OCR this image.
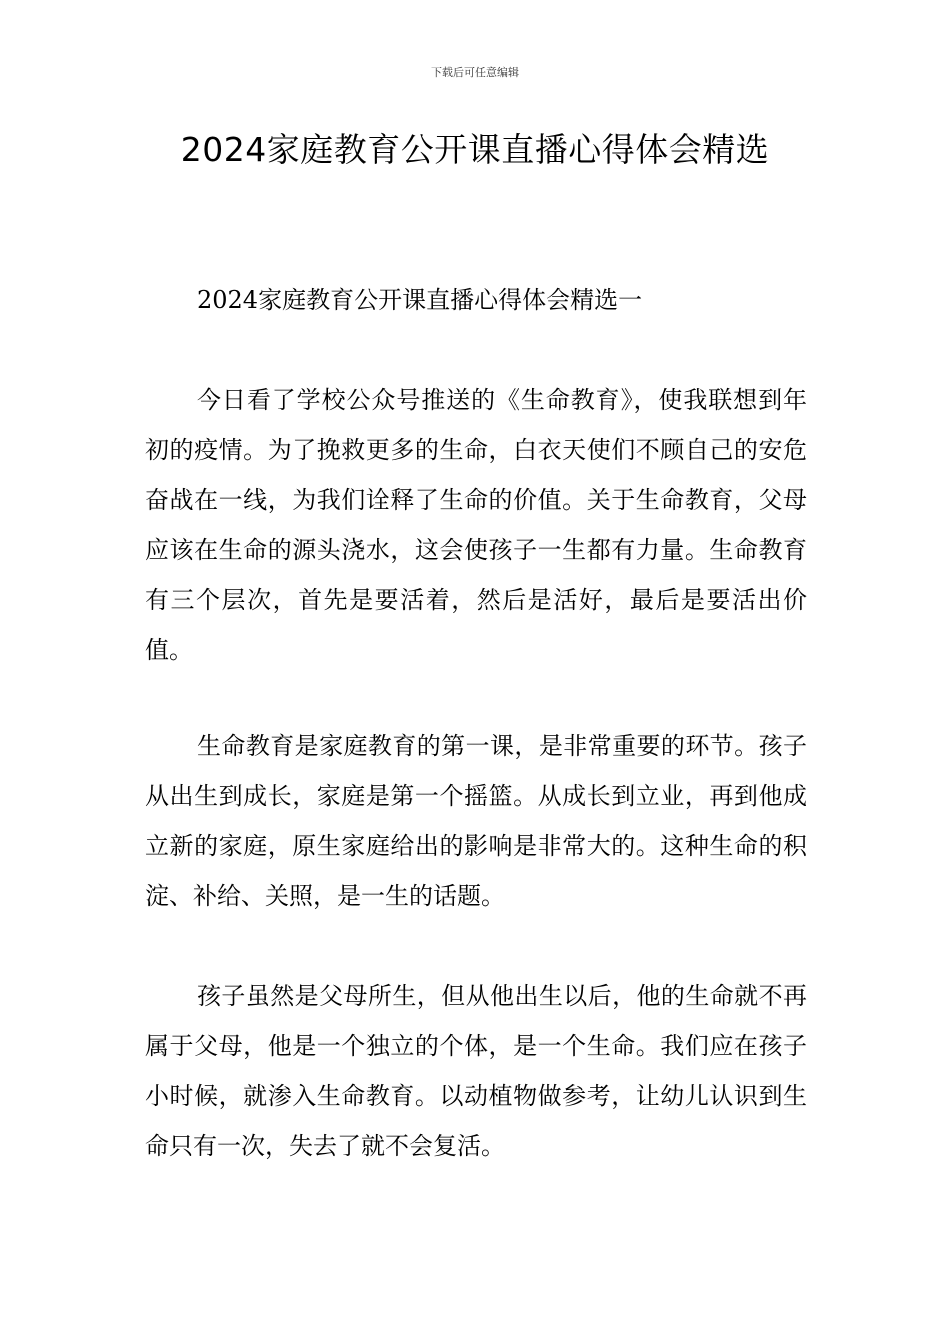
下载后可任意编辑
2024家庭教育公开课直播心得体会精选

2024家庭教育公开课直播心得体会精选一

今日看了学校公众号推送的《生命教育》，使我联想到年初的疫情。为了挽救更多的生命，白衣天使们不顾自己的安危奋战在一线，为我们诠释了生命的价值。关于生命教育，父母应该在生命的源头浇水，这会使孩子一生都有力量。生命教育有三个层次，首先是要活着，然后是活好，最后是要活出价值。

生命教育是家庭教育的第一课，是非常重要的环节。孩子从出生到成长，家庭是第一个摇篮。从成长到立业，再到他成立新的家庭，原生家庭给出的影响是非常大的。这种生命的积淀、补给、关照，是一生的话题。

孩子虽然是父母所生，但从他出生以后，他的生命就不再属于父母，他是一个独立的个体，是一个生命。我们应在孩子小时候，就渗入生命教育。以动植物做参考，让幼儿认识到生命只有一次，失去了就不会复活。
